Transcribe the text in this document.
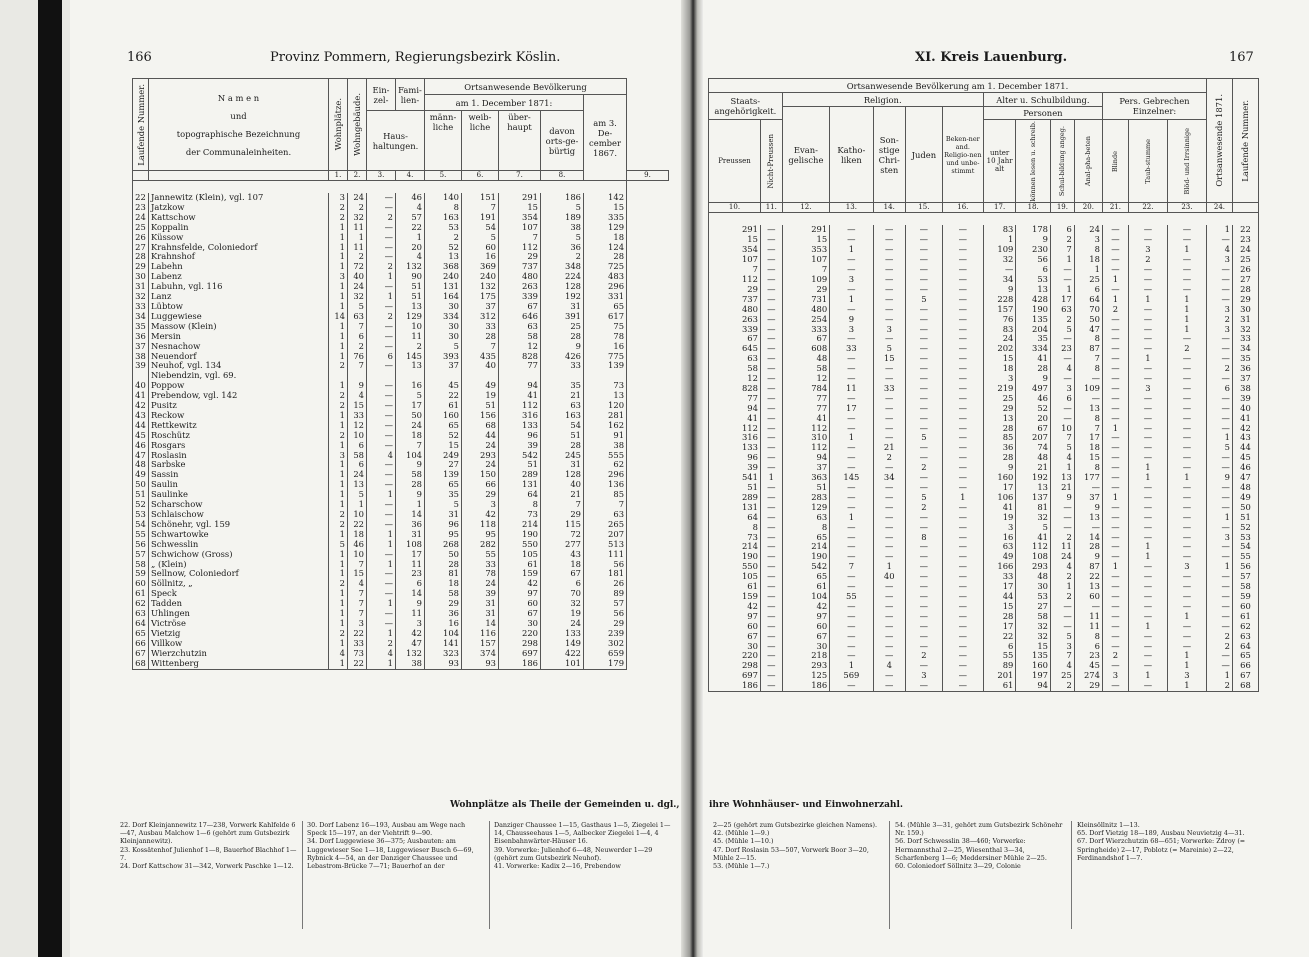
166	Provinz Pommern, Regierungsbezirk Köslin.
Laufende Nummer.	N a m e n
und
topographische Bezeichnung
der Communaleinheiten.	Wohnplätze.	Wohngebäude.	Ein-zel-	Fami-lien-	Ortsanwesende Bevölkerung					
						am 1. December 1871:				am 3. De-cember 1867.	
				Haus-haltungen.		männ-liche	weib-liche	über-haupt	davon orts-ge-bürtig		
		1.	2.	3.	4.	5.	6.	7.	8.		9.

22	Jannewitz (Klein), vgl. 107	3	24	—	46	140	151	291	186	142	
23	Jatzkow	2	2	—	4	8	7	15	5	15	
24	Kattschow	2	32	2	57	163	191	354	189	335	
25	Koppalin	1	11	—	22	53	54	107	38	129	
26	Küssow	1	1	—	1	2	5	7	5	18	
27	Krahnsfelde, Coloniedorf	1	11	—	20	52	60	112	36	124	
28	Krahnshof	1	2	—	4	13	16	29	2	28	
29	Labehn	1	72	2	132	368	369	737	348	725	
30	Labenz	3	40	1	90	240	240	480	224	483	
31	Labuhn, vgl. 116	1	24	—	51	131	132	263	128	296	
32	Lanz	1	32	1	51	164	175	339	192	331	
33	Lübtow	1	5	—	13	30	37	67	31	65	
34	Luggewiese	14	63	2	129	334	312	646	391	617	
35	Massow (Klein)	1	7	—	10	30	33	63	25	75	
36	Mersin	1	6	—	11	30	28	58	28	78	
37	Nesnachow	1	2	—	2	5	7	12	9	16	
38	Neuendorf	1	76	6	145	393	435	828	426	775	
39	Neuhof, vgl. 134	2	7	—	13	37	40	77	33	139	
	Niebendzin, vgl. 69.										
40	Poppow	1	9	—	16	45	49	94	35	73	
41	Prebendow, vgl. 142	2	4	—	5	22	19	41	21	13	
42	Pusitz	2	15	—	17	61	51	112	63	120	
43	Reckow	1	33	—	50	160	156	316	163	281	
44	Rettkewitz	1	12	—	24	65	68	133	54	162	
45	Roschütz	2	10	—	18	52	44	96	51	91	
46	Rosgars	1	6	—	7	15	24	39	28	38	
47	Roslasin	3	58	4	104	249	293	542	245	555	
48	Sarbske	1	6	—	9	27	24	51	31	62	
49	Sassin	1	24	—	58	139	150	289	128	296	
50	Saulin	1	13	—	28	65	66	131	40	136	
51	Saulinke	1	5	1	9	35	29	64	21	85	
52	Scharschow	1	1	—	1	5	3	8	7	7	
53	Schlaischow	2	10	—	14	31	42	73	29	63	
54	Schönehr, vgl. 159	2	22	—	36	96	118	214	115	265	
55	Schwartowke	1	18	1	31	95	95	190	72	207	
56	Schwesslin	5	46	1	108	268	282	550	277	513	
57	Schwichow (Gross)	1	10	—	17	50	55	105	43	111	
58	„ (Klein)	1	7	1	11	28	33	61	18	56	
59	Sellnow, Coloniedorf	1	15	—	23	81	78	159	67	181	
60	Söllnitz, „	2	4	—	6	18	24	42	6	26	
61	Speck	1	7	—	14	58	39	97	70	89	
62	Tadden	1	7	1	9	29	31	60	32	57	
63	Uhlingen	1	7	—	11	36	31	67	19	56	
64	Victröse	1	3	—	3	16	14	30	24	29	
65	Vietzig	2	22	1	42	104	116	220	133	239	
66	Villkow	1	33	2	47	141	157	298	149	302	
67	Wierzchutzin	4	73	4	132	323	374	697	422	659	
68	Wittenberg	1	22	1	38	93	93	186	101	179	
Wohnplätze als Theile der Gemeinden u. dgl.,

22. Dorf Kleinjannewitz 17—238, Vorwerk Kahlfelde 6—47, Ausbau Malchow 1—6 (gehört zum Gutsbezirk Kleinjannewitz).

23. Kossätenhof Julienhof 1—8, Bauerhof Blachhof 1—7.

24. Dorf Kattschow 31—342, Vorwerk Paschke 1—12.

30. Dorf Labenz 16—193, Ausbau am Wege nach Speck 15—197, an der Viehtrift 9—90.

34. Dorf Luggewiese 36—375; Ausbauten: am Luggewieser See 1—18, Luggewieser Busch 6—69, Rybnick 4—54, an der Danziger Chaussee und Lebastrom-Brücke 7—71; Bauerhof an der

Danziger Chaussee 1—15, Gasthaus 1—5, Ziegelei 1—14, Chausseehaus 1—5, Aalbecker Ziegelei 1—4, 4 Eisenbahnwärter-Häuser 16.

39. Vorwerke: Julienhof 6—48, Neuwerder 1—29 (gehört zum Gutsbezirk Neuhof).

41. Vorwerke: Kadix 2—16, Prebendow

XI. Kreis Lauenburg.	167
Ortsanwesende Bevölkerung am 1. December 1871.														Ortsanwesende 1871.	Laufende Nummer.

Staats-angehörigkeit.		Religion.					Alter u. Schulbildung.				Pers. Gebrechen Einzelner:				
		Evan-gelische	Katho-liken	Son-stige Chri-sten	Juden	Beken-ner and. Religio-nen und unbe-stimmt	Personen								
Preussen	Nicht-Preussen						unter 10 Jahr alt	können lesen u. schreib.	Schul-bildung angeg.	Anal-pha-beten	Blinde	Taub-stumme	Blöd- und Irrsinnige		

10.	11.	12.	13.	14.	15.	16.	17.	18.	19.	20.	21.	22.	23.	24.	

291	—	291	—	—	—	—	83	178	6	24	—	—	—	1	22
15	—	15	—	—	—	—	1	9	2	3	—	—	—	—	23
354	—	353	1	—	—	—	109	230	7	8	—	3	1	4	24
107	—	107	—	—	—	—	32	56	1	18	—	2	—	3	25
7	—	7	—	—	—	—	—	6	—	1	—	—	—	—	26
112	—	109	3	—	—	—	34	53	—	25	1	—	—	—	27
29	—	29	—	—	—	—	9	13	1	6	—	—	—	—	28
737	—	731	1	—	5	—	228	428	17	64	1	1	1	—	29
480	—	480	—	—	—	—	157	190	63	70	2	—	1	3	30
263	—	254	9	—	—	—	76	135	2	50	—	—	1	2	31
339	—	333	3	3	—	—	83	204	5	47	—	—	1	3	32
67	—	67	—	—	—	—	24	35	—	8	—	—	—	—	33
645	—	608	33	5	—	—	202	334	23	87	—	—	2	—	34
63	—	48	—	15	—	—	15	41	—	7	—	1	—	—	35
58	—	58	—	—	—	—	18	28	4	8	—	—	—	2	36
12	—	12	—	—	—	—	3	9	—	—	—	—	—	—	37
828	—	784	11	33	—	—	219	497	3	109	—	3	—	6	38
77	—	77	—	—	—	—	25	46	6	—	—	—	—	—	39

94	—	77	17	—	—	—	29	52	—	13	—	—	—	—	40
41	—	41	—	—	—	—	13	20	—	8	—	—	—	—	41
112	—	112	—	—	—	—	28	67	10	7	1	—	—	—	42
316	—	310	1	—	5	—	85	207	7	17	—	—	—	1	43
133	—	112	—	21	—	—	36	74	5	18	—	—	—	5	44
96	—	94	—	2	—	—	28	48	4	15	—	—	—	—	45
39	—	37	—	—	2	—	9	21	1	8	—	1	—	—	46
541	1	363	145	34	—	—	160	192	13	177	—	1	1	9	47
51	—	51	—	—	—	—	17	13	21	—	—	—	—	—	48
289	—	283	—	—	5	1	106	137	9	37	1	—	—	—	49
131	—	129	—	—	2	—	41	81	—	9	—	—	—	—	50
64	—	63	1	—	—	—	19	32	—	13	—	—	—	1	51
8	—	8	—	—	—	—	3	5	—	—	—	—	—	—	52
73	—	65	—	—	8	—	16	41	2	14	—	—	—	3	53
214	—	214	—	—	—	—	63	112	11	28	—	1	—	—	54
190	—	190	—	—	—	—	49	108	24	9	—	1	—	—	55
550	—	542	7	1	—	—	166	293	4	87	1	—	3	1	56
105	—	65	—	40	—	—	33	48	2	22	—	—	—	—	57
61	—	61	—	—	—	—	17	30	1	13	—	—	—	—	58
159	—	104	55	—	—	—	44	53	2	60	—	—	—	—	59
42	—	42	—	—	—	—	15	27	—	—	—	—	—	—	60
97	—	97	—	—	—	—	28	58	—	11	—	—	1	—	61
60	—	60	—	—	—	—	17	32	—	11	—	1	—	—	62
67	—	67	—	—	—	—	22	32	5	8	—	—	—	2	63
30	—	30	—	—	—	—	6	15	3	6	—	—	—	2	64
220	—	218	—	—	2	—	55	135	7	23	2	—	1	—	65
298	—	293	1	4	—	—	89	160	4	45	—	—	1	—	66
697	—	125	569	—	3	—	201	197	25	274	3	1	3	1	67
186	—	186	—	—	—	—	61	94	2	29	—	—	1	2	68
ihre Wohnhäuser- und Einwohnerzahl.

2—25 (gehört zum Gutsbezirke gleichen Namens).

42. (Mühle 1—9.)

45. (Mühle 1—10.)

47. Dorf Roslasin 53—507, Vorwerk Boor 3—20, Mühle 2—15.

53. (Mühle 1—7.)

54. (Mühle 3—31, gehört zum Gutsbezirk Schönehr Nr. 159.)

56. Dorf Schwesslin 38—460; Vorwerke: Hermannsthal 2—25, Wiesenthal 3—34, Scharfenberg 1—6; Meddersiner Mühle 2—25.

60. Coloniedorf Söllnitz 3—29, Colonie

Kleinsöllnitz 1—13.

65. Dorf Vietzig 18—189, Ausbau Neuvietzig 4—31.

67. Dorf Wierzchutzin 68—651; Vorwerke: Zdroy (= Springheide) 2—17, Poblotz (= Mareinie) 2—22, Ferdinandshof 1—7.
